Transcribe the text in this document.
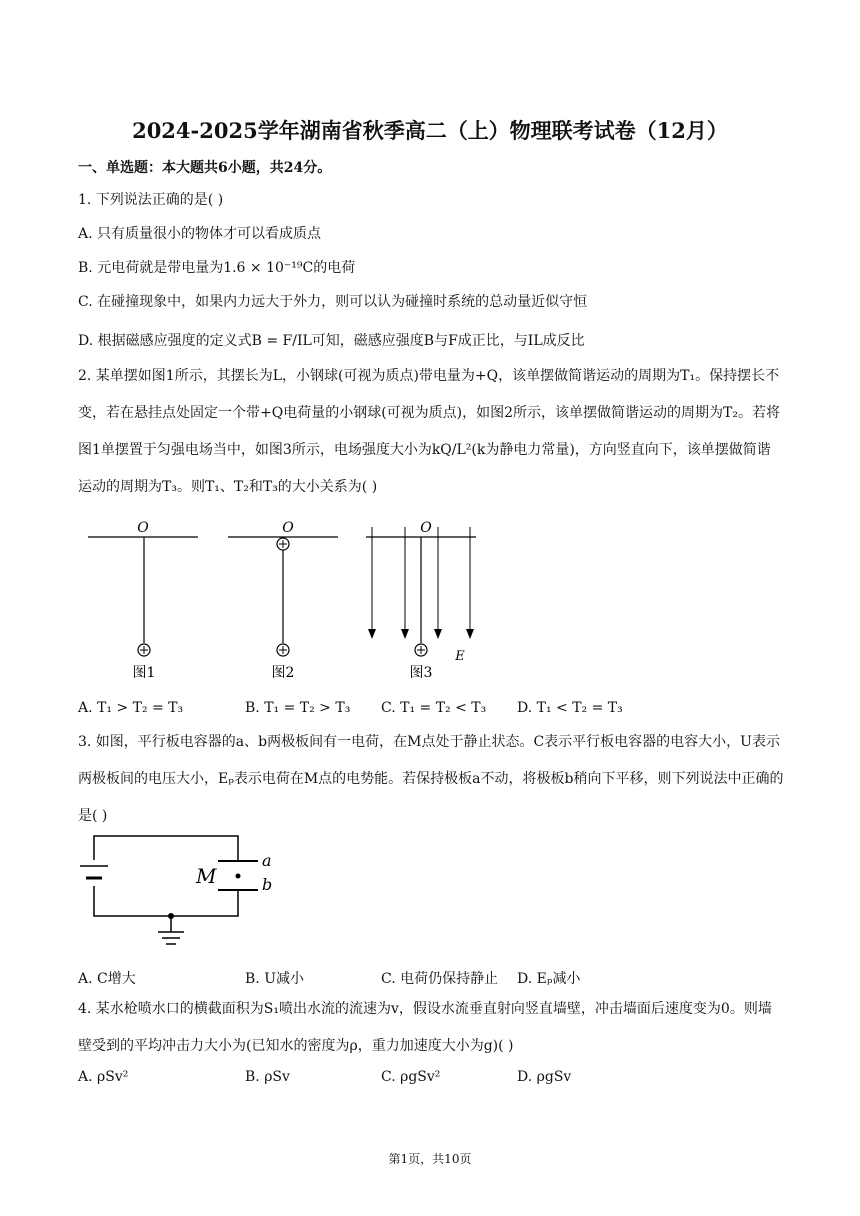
2024-2025学年湖南省秋季高二（上）物理联考试卷（12月）
一、单选题：本大题共6小题，共24分。
1. 下列说法正确的是( )
A. 只有质量很小的物体才可以看成质点
B. 元电荷就是带电量为1.6 × 10⁻¹⁹C的电荷
C. 在碰撞现象中，如果内力远大于外力，则可以认为碰撞时系统的总动量近似守恒
D. 根据磁感应强度的定义式B = F/IL可知，磁感应强度B与F成正比，与IL成反比
2. 某单摆如图1所示，其摆长为L，小钢球(可视为质点)带电量为+Q，该单摆做简谐运动的周期为T₁。保持摆长不变，若在悬挂点处固定一个带+Q电荷量的小钢球(可视为质点)，如图2所示，该单摆做简谐运动的周期为T₂。若将图1单摆置于匀强电场当中，如图3所示，电场强度大小为kQ/L²(k为静电力常量)，方向竖直向下，该单摆做简谐运动的周期为T₃。则T₁、T₂和T₃的大小关系为( )
O
图1
O
图2
O
图3
E
A. T₁ > T₂ = T₃	B. T₁ = T₂ > T₃ C. T₁ = T₂ < T₃ D. T₁ < T₂ = T₃
3. 如图，平行板电容器的a、b两极板间有一电荷，在M点处于静止状态。C表示平行板电容器的电容大小，U表示两极板间的电压大小，Eₚ表示电荷在M点的电势能。若保持极板a不动，将极板b稍向下平移，则下列说法中正确的是( )
M
a
b
A. C增大	B. U减小	C. 电荷仍保持静止 D. Eₚ减小
4. 某水枪喷水口的横截面积为S₁喷出水流的流速为v，假设水流垂直射向竖直墙壁，冲击墙面后速度变为0。则墙壁受到的平均冲击力大小为(已知水的密度为ρ，重力加速度大小为g)( )
A. ρSv²	B. ρSv	C. ρgSv²	D. ρgSv
第1页，共10页
